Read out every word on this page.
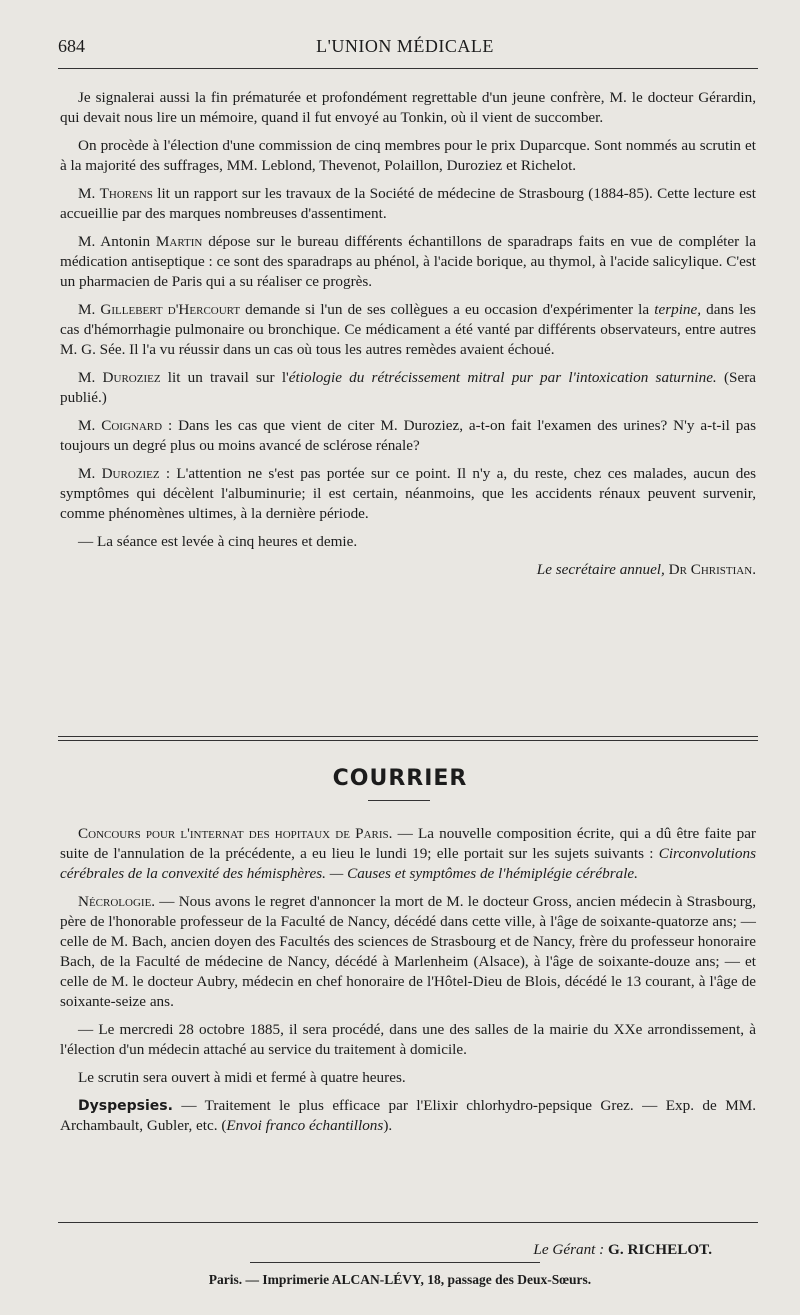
684	L'UNION MÉDICALE

Je signalerai aussi la fin prématurée et profondément regrettable d'un jeune confrère, M. le docteur Gérardin, qui devait nous lire un mémoire, quand il fut envoyé au Tonkin, où il vient de succomber.

On procède à l'élection d'une commission de cinq membres pour le prix Duparcque. Sont nommés au scrutin et à la majorité des suffrages, MM. Leblond, Thevenot, Polaillon, Duroziez et Richelot.

M. Thorens lit un rapport sur les travaux de la Société de médecine de Strasbourg (1884-85). Cette lecture est accueillie par des marques nombreuses d'assentiment.

M. Antonin Martin dépose sur le bureau différents échantillons de sparadraps faits en vue de compléter la médication antiseptique : ce sont des sparadraps au phénol, à l'acide borique, au thymol, à l'acide salicylique. C'est un pharmacien de Paris qui a su réaliser ce progrès.

M. Gillebert d'Hercourt demande si l'un de ses collègues a eu occasion d'expérimenter la terpine, dans les cas d'hémorrhagie pulmonaire ou bronchique. Ce médicament a été vanté par différents observateurs, entre autres M. G. Sée. Il l'a vu réussir dans un cas où tous les autres remèdes avaient échoué.

M. Duroziez lit un travail sur l'étiologie du rétrécissement mitral pur par l'intoxication saturnine. (Sera publié.)

M. Coignard : Dans les cas que vient de citer M. Duroziez, a-t-on fait l'examen des urines? N'y a-t-il pas toujours un degré plus ou moins avancé de sclérose rénale?

M. Duroziez : L'attention ne s'est pas portée sur ce point. Il n'y a, du reste, chez ces malades, aucun des symptômes qui décèlent l'albuminurie; il est certain, néanmoins, que les accidents rénaux peuvent survenir, comme phénomènes ultimes, à la dernière période.

— La séance est levée à cinq heures et demie.

Le secrétaire annuel, Dr Christian.
COURRIER

Concours pour l'internat des hopitaux de Paris. — La nouvelle composition écrite, qui a dû être faite par suite de l'annulation de la précédente, a eu lieu le lundi 19; elle portait sur les sujets suivants : Circonvolutions cérébrales de la convexité des hémisphères. — Causes et symptômes de l'hémiplégie cérébrale.

Nécrologie. — Nous avons le regret d'annoncer la mort de M. le docteur Gross, ancien médecin à Strasbourg, père de l'honorable professeur de la Faculté de Nancy, décédé dans cette ville, à l'âge de soixante-quatorze ans; — celle de M. Bach, ancien doyen des Facultés des sciences de Strasbourg et de Nancy, frère du professeur honoraire Bach, de la Faculté de médecine de Nancy, décédé à Marlenheim (Alsace), à l'âge de soixante-douze ans; — et celle de M. le docteur Aubry, médecin en chef honoraire de l'Hôtel-Dieu de Blois, décédé le 13 courant, à l'âge de soixante-seize ans.

— Le mercredi 28 octobre 1885, il sera procédé, dans une des salles de la mairie du XXe arrondissement, à l'élection d'un médecin attaché au service du traitement à domicile.

Le scrutin sera ouvert à midi et fermé à quatre heures.

Dyspepsies. — Traitement le plus efficace par l'Elixir chlorhydro-pepsique Grez. — Exp. de MM. Archambault, Gubler, etc. (Envoi franco échantillons).

Le Gérant : G. RICHELOT.
Paris. — Imprimerie ALCAN-LÉVY, 18, passage des Deux-Sœurs.
